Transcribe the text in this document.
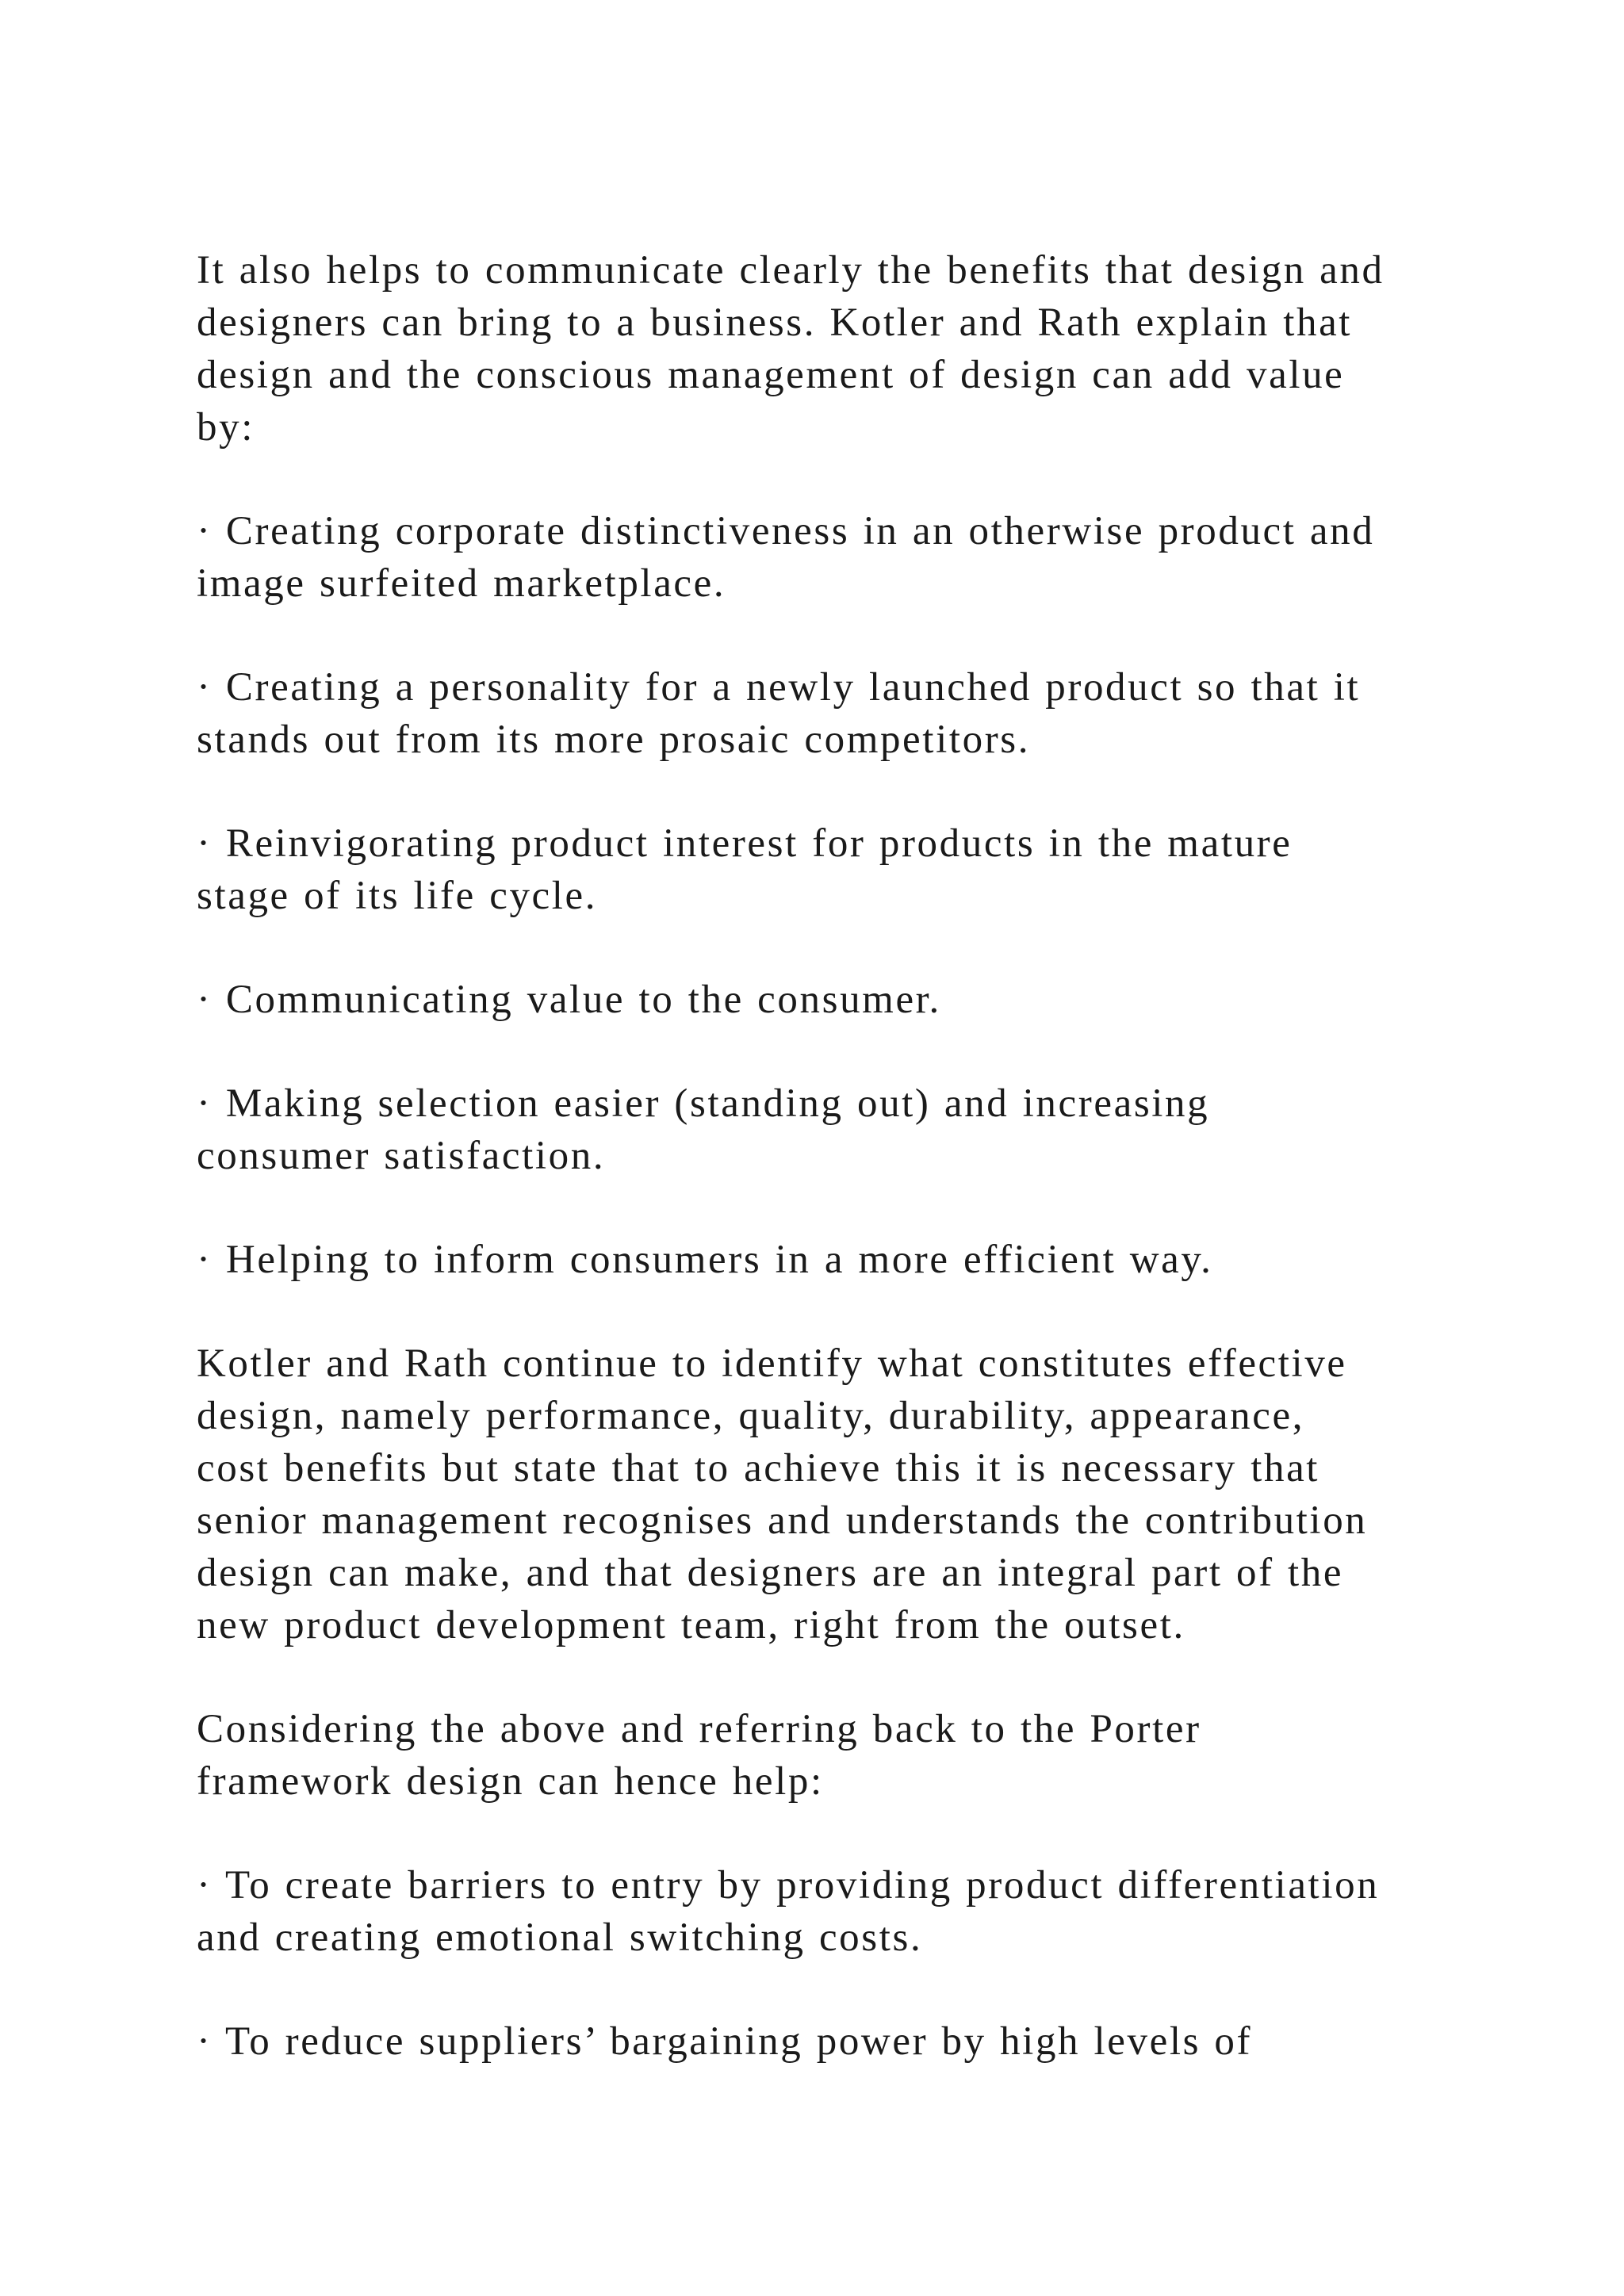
It also helps to communicate clearly the benefits that design and
designers can bring to a business. Kotler and Rath explain that
design and the conscious management of design can add value
by:

· Creating corporate distinctiveness in an otherwise product and
image surfeited marketplace.

· Creating a personality for a newly launched product so that it
stands out from its more prosaic competitors.

· Reinvigorating product interest for products in the mature
stage of its life cycle.

· Communicating value to the consumer.

· Making selection easier (standing out) and increasing
consumer satisfaction.

· Helping to inform consumers in a more efficient way.

Kotler and Rath continue to identify what constitutes effective
design, namely performance, quality, durability, appearance,
cost benefits but state that to achieve this it is necessary that
senior management recognises and understands the contribution
design can make, and that designers are an integral part of the
new product development team, right from the outset.

Considering the above and referring back to the Porter
framework design can hence help:

· To create barriers to entry by providing product differentiation
and creating emotional switching costs.

· To reduce suppliers’ bargaining power by high levels of
